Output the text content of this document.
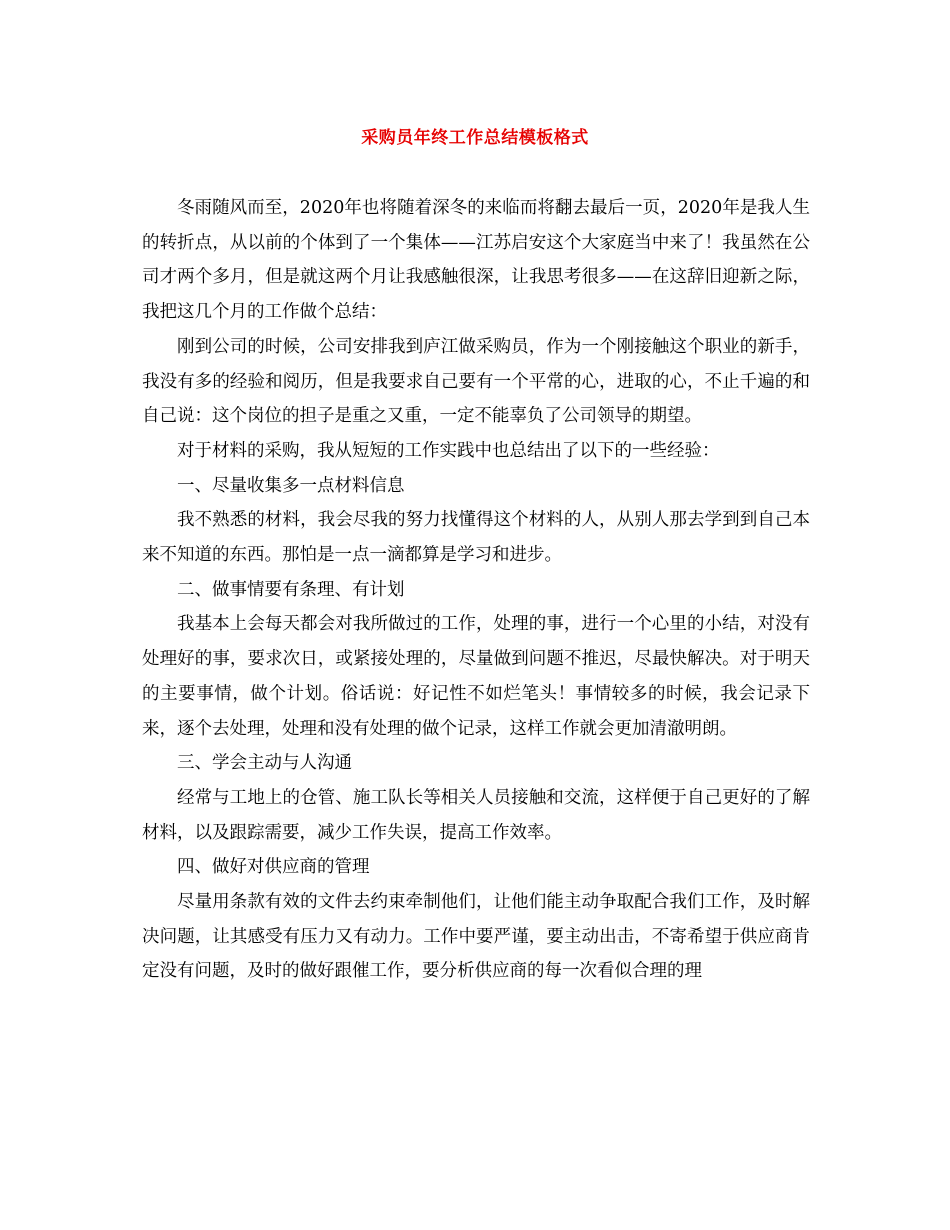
采购员年终工作总结模板格式

冬雨随风而至，2020年也将随着深冬的来临而将翻去最后一页，2020年是我人生的转折点，从以前的个体到了一个集体——江苏启安这个大家庭当中来了！我虽然在公司才两个多月，但是就这两个月让我感触很深，让我思考很多——在这辞旧迎新之际，我把这几个月的工作做个总结：

刚到公司的时候，公司安排我到庐江做采购员，作为一个刚接触这个职业的新手，我没有多的经验和阅历，但是我要求自己要有一个平常的心，进取的心，不止千遍的和自己说：这个岗位的担子是重之又重，一定不能辜负了公司领导的期望。

对于材料的采购，我从短短的工作实践中也总结出了以下的一些经验：

一、尽量收集多一点材料信息

我不熟悉的材料，我会尽我的努力找懂得这个材料的人，从别人那去学到到自己本来不知道的东西。那怕是一点一滴都算是学习和进步。

二、做事情要有条理、有计划

我基本上会每天都会对我所做过的工作，处理的事，进行一个心里的小结，对没有处理好的事，要求次日，或紧接处理的，尽量做到问题不推迟，尽最快解决。对于明天的主要事情，做个计划。俗话说：好记性不如烂笔头！事情较多的时候，我会记录下来，逐个去处理，处理和没有处理的做个记录，这样工作就会更加清澈明朗。

三、学会主动与人沟通

经常与工地上的仓管、施工队长等相关人员接触和交流，这样便于自己更好的了解材料，以及跟踪需要，减少工作失误，提高工作效率。

四、做好对供应商的管理

尽量用条款有效的文件去约束牵制他们，让他们能主动争取配合我们工作，及时解决问题，让其感受有压力又有动力。工作中要严谨，要主动出击，不寄希望于供应商肯定没有问题，及时的做好跟催工作，要分析供应商的每一次看似合理的理
